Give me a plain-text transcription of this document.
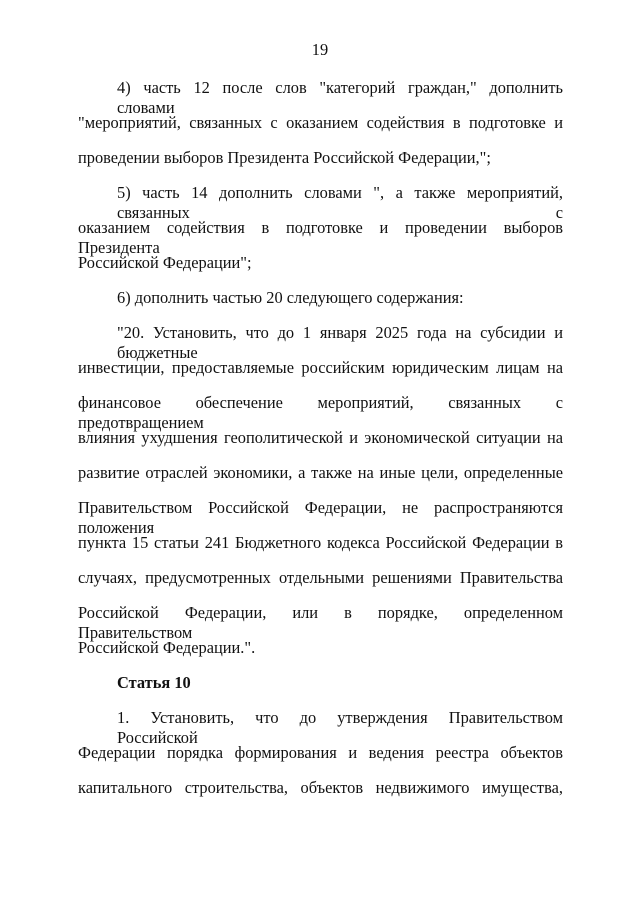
19
4) часть 12 после слов "категорий граждан," дополнить словами
"мероприятий, связанных с оказанием содействия в подготовке и
проведении выборов Президента Российской Федерации,";
5) часть 14 дополнить словами ", а также мероприятий, связанных с
оказанием содействия в подготовке и проведении выборов Президента
Российской Федерации";
6) дополнить частью 20 следующего содержания:
"20. Установить, что до 1 января 2025 года на субсидии и бюджетные
инвестиции, предоставляемые российским юридическим лицам на
финансовое обеспечение мероприятий, связанных с предотвращением
влияния ухудшения геополитической и экономической ситуации на
развитие отраслей экономики, а также на иные цели, определенные
Правительством Российской Федерации, не распространяются положения
пункта 15 статьи 241 Бюджетного кодекса Российской Федерации в
случаях, предусмотренных отдельными решениями Правительства
Российской Федерации, или в порядке, определенном Правительством
Российской Федерации.".
Статья 10
1. Установить, что до утверждения Правительством Российской
Федерации порядка формирования и ведения реестра объектов
капитального строительства, объектов недвижимого имущества,
